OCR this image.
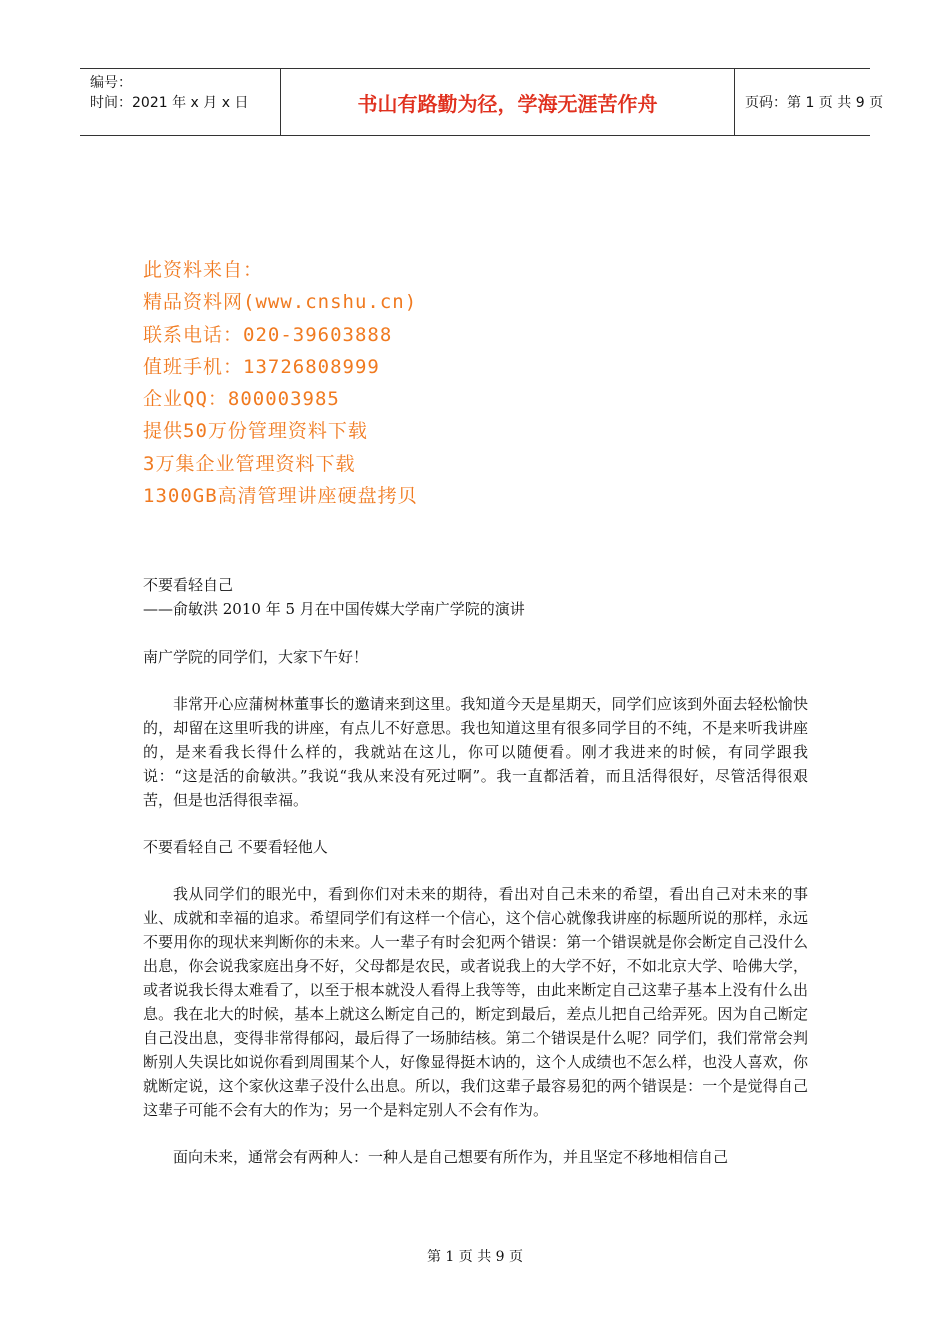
编号：
时间：2021 年 x 月 x 日	书山有路勤为径，学海无涯苦作舟	页码：第 1 页 共 9 页
此资料来自：
精品资料网(www.cnshu.cn)
联系电话：020-39603888
值班手机：13726808999
企业QQ：800003985
提供50万份管理资料下载
3万集企业管理资料下载
1300GB高清管理讲座硬盘拷贝

不要看轻自己

——俞敏洪 2010 年 5 月在中国传媒大学南广学院的演讲

南广学院的同学们，大家下午好！

非常开心应蒲树林董事长的邀请来到这里。我知道今天是星期天，同学们应该到外面去轻松愉快的，却留在这里听我的讲座，有点儿不好意思。我也知道这里有很多同学目的不纯，不是来听我讲座的，是来看我长得什么样的，我就站在这儿，你可以随便看。刚才我进来的时候，有同学跟我说：“这是活的俞敏洪。”我说“我从来没有死过啊”。我一直都活着，而且活得很好，尽管活得很艰苦，但是也活得很幸福。

不要看轻自己 不要看轻他人

我从同学们的眼光中，看到你们对未来的期待，看出对自己未来的希望，看出自己对未来的事业、成就和幸福的追求。希望同学们有这样一个信心，这个信心就像我讲座的标题所说的那样，永远不要用你的现状来判断你的未来。人一辈子有时会犯两个错误：第一个错误就是你会断定自己没什么出息，你会说我家庭出身不好，父母都是农民，或者说我上的大学不好，不如北京大学、哈佛大学，或者说我长得太难看了，以至于根本就没人看得上我等等，由此来断定自己这辈子基本上没有什么出息。我在北大的时候，基本上就这么断定自己的，断定到最后，差点儿把自己给弄死。因为自己断定自己没出息，变得非常得郁闷，最后得了一场肺结核。第二个错误是什么呢？同学们，我们常常会判断别人失误比如说你看到周围某个人，好像显得挺木讷的，这个人成绩也不怎么样，也没人喜欢，你就断定说，这个家伙这辈子没什么出息。所以，我们这辈子最容易犯的两个错误是：一个是觉得自己这辈子可能不会有大的作为；另一个是料定别人不会有作为。

面向未来，通常会有两种人：一种人是自己想要有所作为，并且坚定不移地相信自己

第 1 页 共 9 页
